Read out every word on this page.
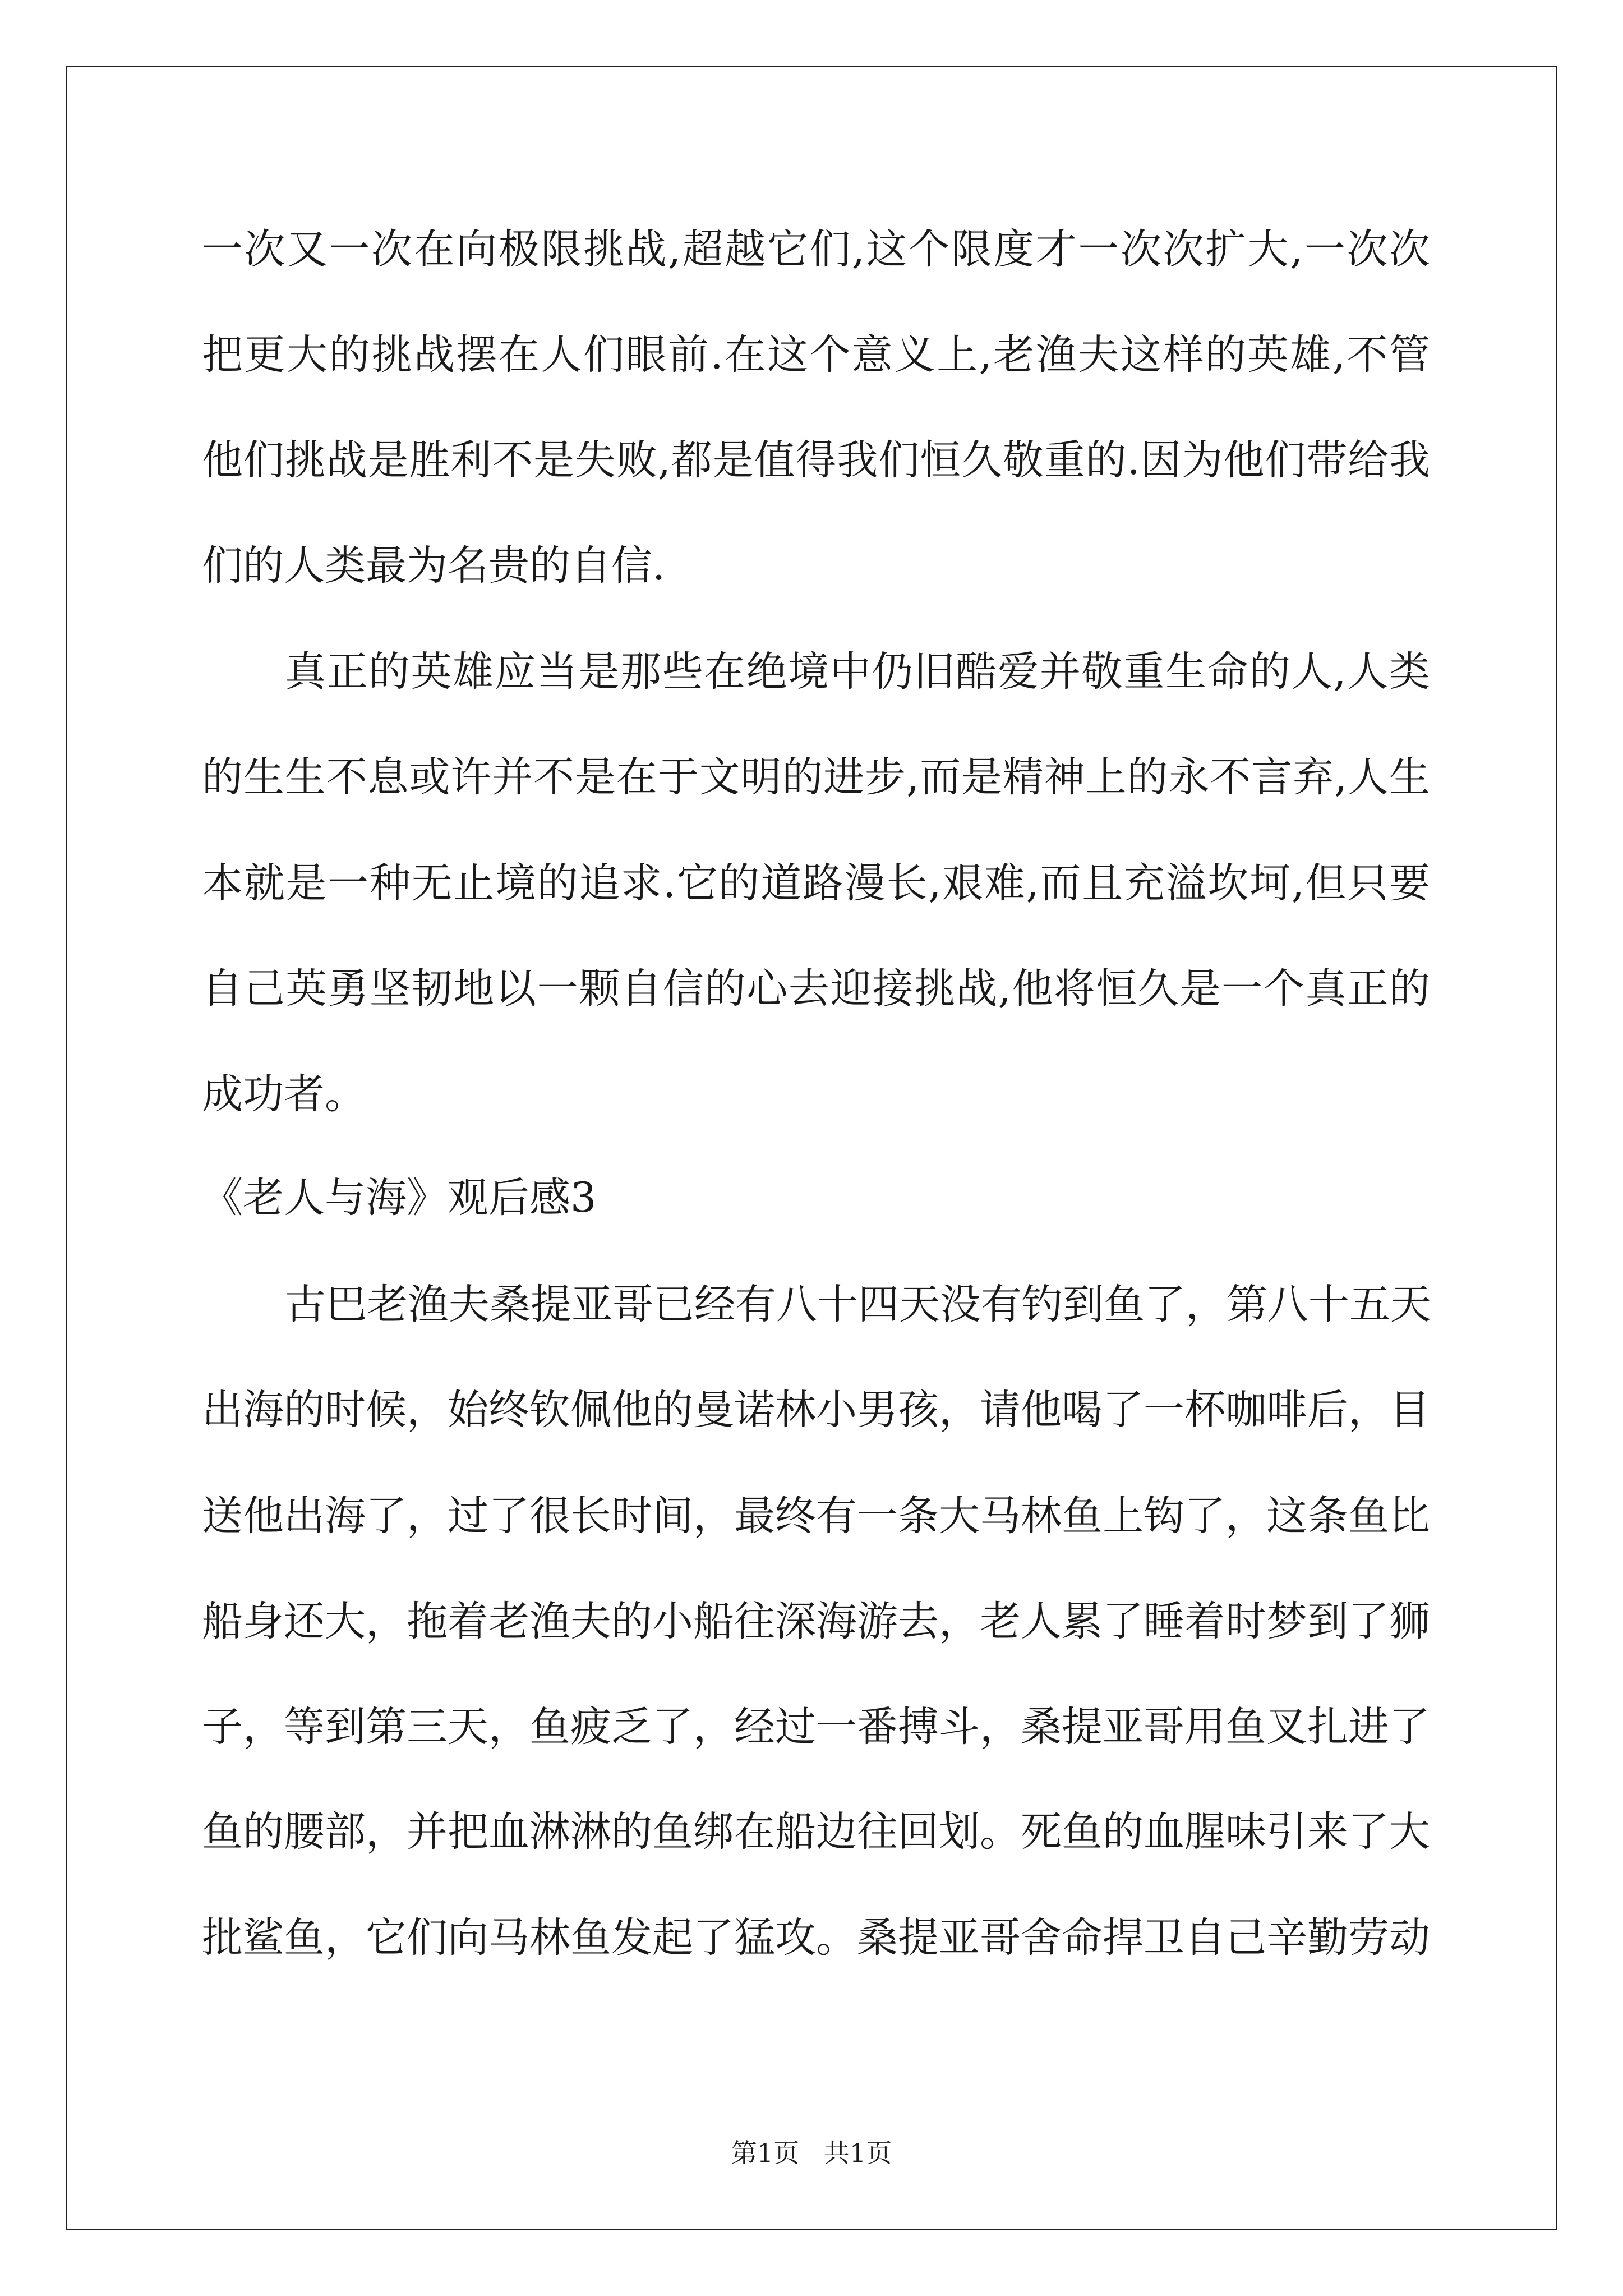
一次又一次在向极限挑战,超越它们,这个限度才一次次扩大,一次次
把更大的挑战摆在人们眼前.在这个意义上,老渔夫这样的英雄,不管
他们挑战是胜利不是失败,都是值得我们恒久敬重的.因为他们带给我
们的人类最为名贵的自信.
真正的英雄应当是那些在绝境中仍旧酷爱并敬重生命的人,人类
的生生不息或许并不是在于文明的进步,而是精神上的永不言弃,人生
本就是一种无止境的追求.它的道路漫长,艰难,而且充溢坎坷,但只要
自己英勇坚韧地以一颗自信的心去迎接挑战,他将恒久是一个真正的
成功者。
《老人与海》观后感3
古巴老渔夫桑提亚哥已经有八十四天没有钓到鱼了，第八十五天
出海的时候，始终钦佩他的曼诺林小男孩，请他喝了一杯咖啡后，目
送他出海了，过了很长时间，最终有一条大马林鱼上钩了，这条鱼比
船身还大，拖着老渔夫的小船往深海游去，老人累了睡着时梦到了狮
子，等到第三天，鱼疲乏了，经过一番搏斗，桑提亚哥用鱼叉扎进了
鱼的腰部，并把血淋淋的鱼绑在船边往回划。死鱼的血腥味引来了大
批鲨鱼，它们向马林鱼发起了猛攻。桑提亚哥舍命捍卫自己辛勤劳动
第1页   共1页
